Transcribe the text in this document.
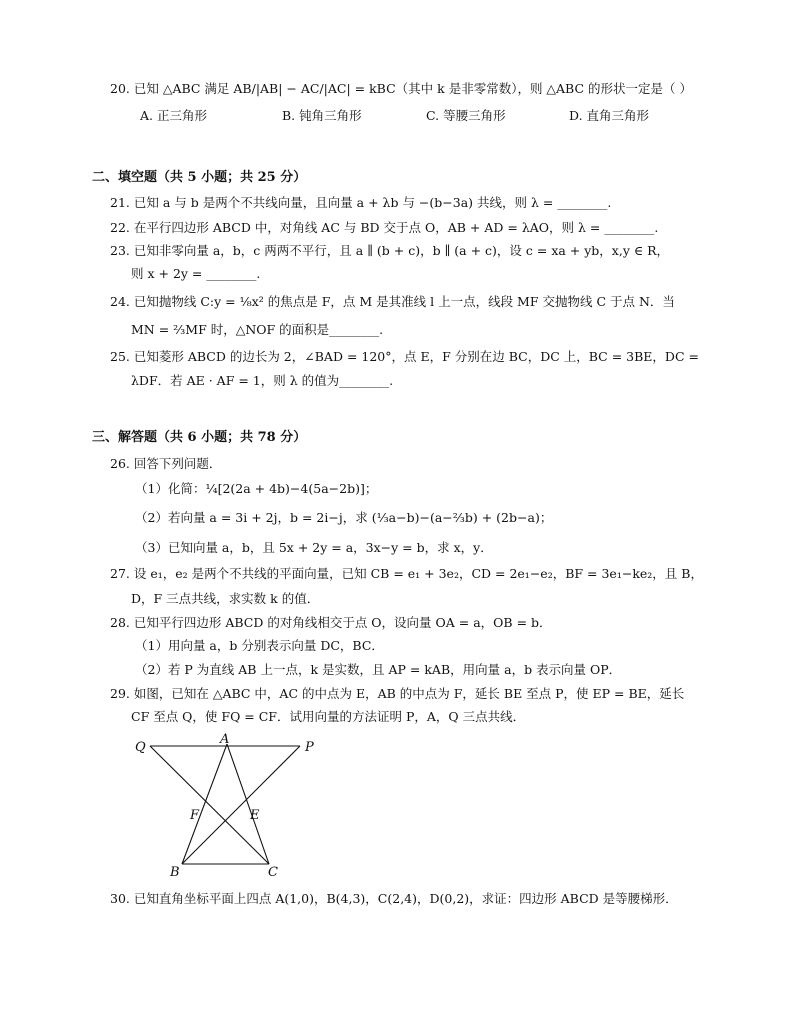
20. 已知 △ABC 满足 AB/|AB| − AC/|AC| = kBC（其中 k 是非零常数），则 △ABC 的形状一定是（ ）
A. 正三角形	B. 钝角三角形	C. 等腰三角形	D. 直角三角形
二、填空题（共 5 小题；共 25 分）
21. 已知 a 与 b 是两个不共线向量，且向量 a + λb 与 −(b−3a) 共线，则 λ = ________.
22. 在平行四边形 ABCD 中，对角线 AC 与 BD 交于点 O，AB + AD = λAO，则 λ = ________.
23. 已知非零向量 a，b，c 两两不平行，且 a ∥ (b + c)，b ∥ (a + c)，设 c = xa + yb，x,y ∈ R，
则 x + 2y = ________.
24. 已知抛物线 C:y = ⅛x² 的焦点是 F，点 M 是其准线 l 上一点，线段 MF 交抛物线 C 于点 N．当
MN = ⅔MF 时，△NOF 的面积是________.
25. 已知菱形 ABCD 的边长为 2，∠BAD = 120°，点 E，F 分别在边 BC，DC 上，BC = 3BE，DC =
λDF．若 AE · AF = 1，则 λ 的值为________.
三、解答题（共 6 小题；共 78 分）
26. 回答下列问题．
（1）化简：¼[2(2a + 4b)−4(5a−2b)]；
（2）若向量 a = 3i + 2j，b = 2i−j，求 (⅓a−b)−(a−⅔b) + (2b−a)；
（3）已知向量 a，b，且 5x + 2y = a，3x−y = b，求 x，y．
27. 设 e₁，e₂ 是两个不共线的平面向量，已知 CB = e₁ + 3e₂，CD = 2e₁−e₂，BF = 3e₁−ke₂，且 B，
D，F 三点共线，求实数 k 的值．
28. 已知平行四边形 ABCD 的对角线相交于点 O，设向量 OA = a，OB = b．
（1）用向量 a，b 分别表示向量 DC，BC．
（2）若 P 为直线 AB 上一点，k 是实数，且 AP = kAB，用向量 a，b 表示向量 OP．
29. 如图，已知在 △ABC 中，AC 的中点为 E，AB 的中点为 F，延长 BE 至点 P，使 EP = BE，延长
CF 至点 Q，使 FQ = CF．试用向量的方法证明 P，A，Q 三点共线．
Q
A
P
F	E
B	C
30. 已知直角坐标平面上四点 A(1,0)，B(4,3)，C(2,4)，D(0,2)，求证：四边形 ABCD 是等腰梯形．
